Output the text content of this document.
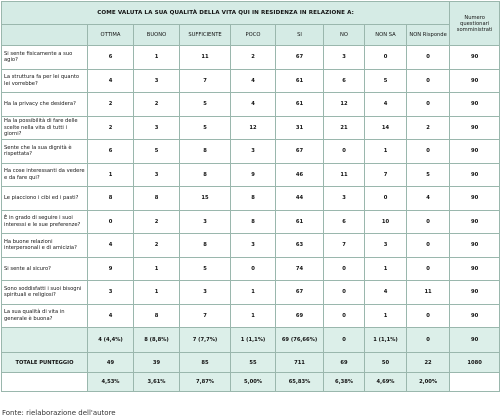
COME VALUTA LA SUA QUALITÀ DELLA VITA QUI IN RESIDENZA IN RELAZIONE A:									Numero questionari somministrati
	OTTIMA	BUONO	SUFFICIENTE	POCO	SI	NO	NON SA	NON Risponde	
Si sente fisicamente a suo agio?	6	1	11	2	67	3	0	0	90
La struttura fa per lei quanto lei vorrebbe?	4	3	7	4	61	6	5	0	90
Ha la privacy che desidera?	2	2	5	4	61	12	4	0	90
Ha la possibilità di fare delle scelte nella vita di tutti i giorni?	2	3	5	12	31	21	14	2	90
Sente che la sua dignità è rispettata?	6	5	8	3	67	0	1	0	90
Ha cose interessanti da vedere e da fare qui?	1	3	8	9	46	11	7	5	90
Le piacciono i cibi ed i pasti?	8	8	15	8	44	3	0	4	90
È in grado di seguire i suoi interessi e le sue preferenze?	0	2	3	8	61	6	10	0	90
Ha buone relazioni interpersonali e di amicizia?	4	2	8	3	63	7	3	0	90
Si sente al sicuro?	9	1	5	0	74	0	1	0	90
Sono soddisfatti i suoi bisogni spirituali e religiosi?	3	1	3	1	67	0	4	11	90
La sua qualità di vita in generale è buona?	4	8	7	1	69	0	1	0	90
	4 (4,4%)	8 (8,8%)	7 (7,7%)	1 (1,1%)	69 (76,66%)	0	1 (1,1%)	0	90
TOTALE PUNTEGGIO	49	39	85	55	711	69	50	22	1080
	4,53%	3,61%	7,87%	5,00%	65,83%	6,38%	4,69%	2,00%	
Fonte: rielaborazione dell'autore
